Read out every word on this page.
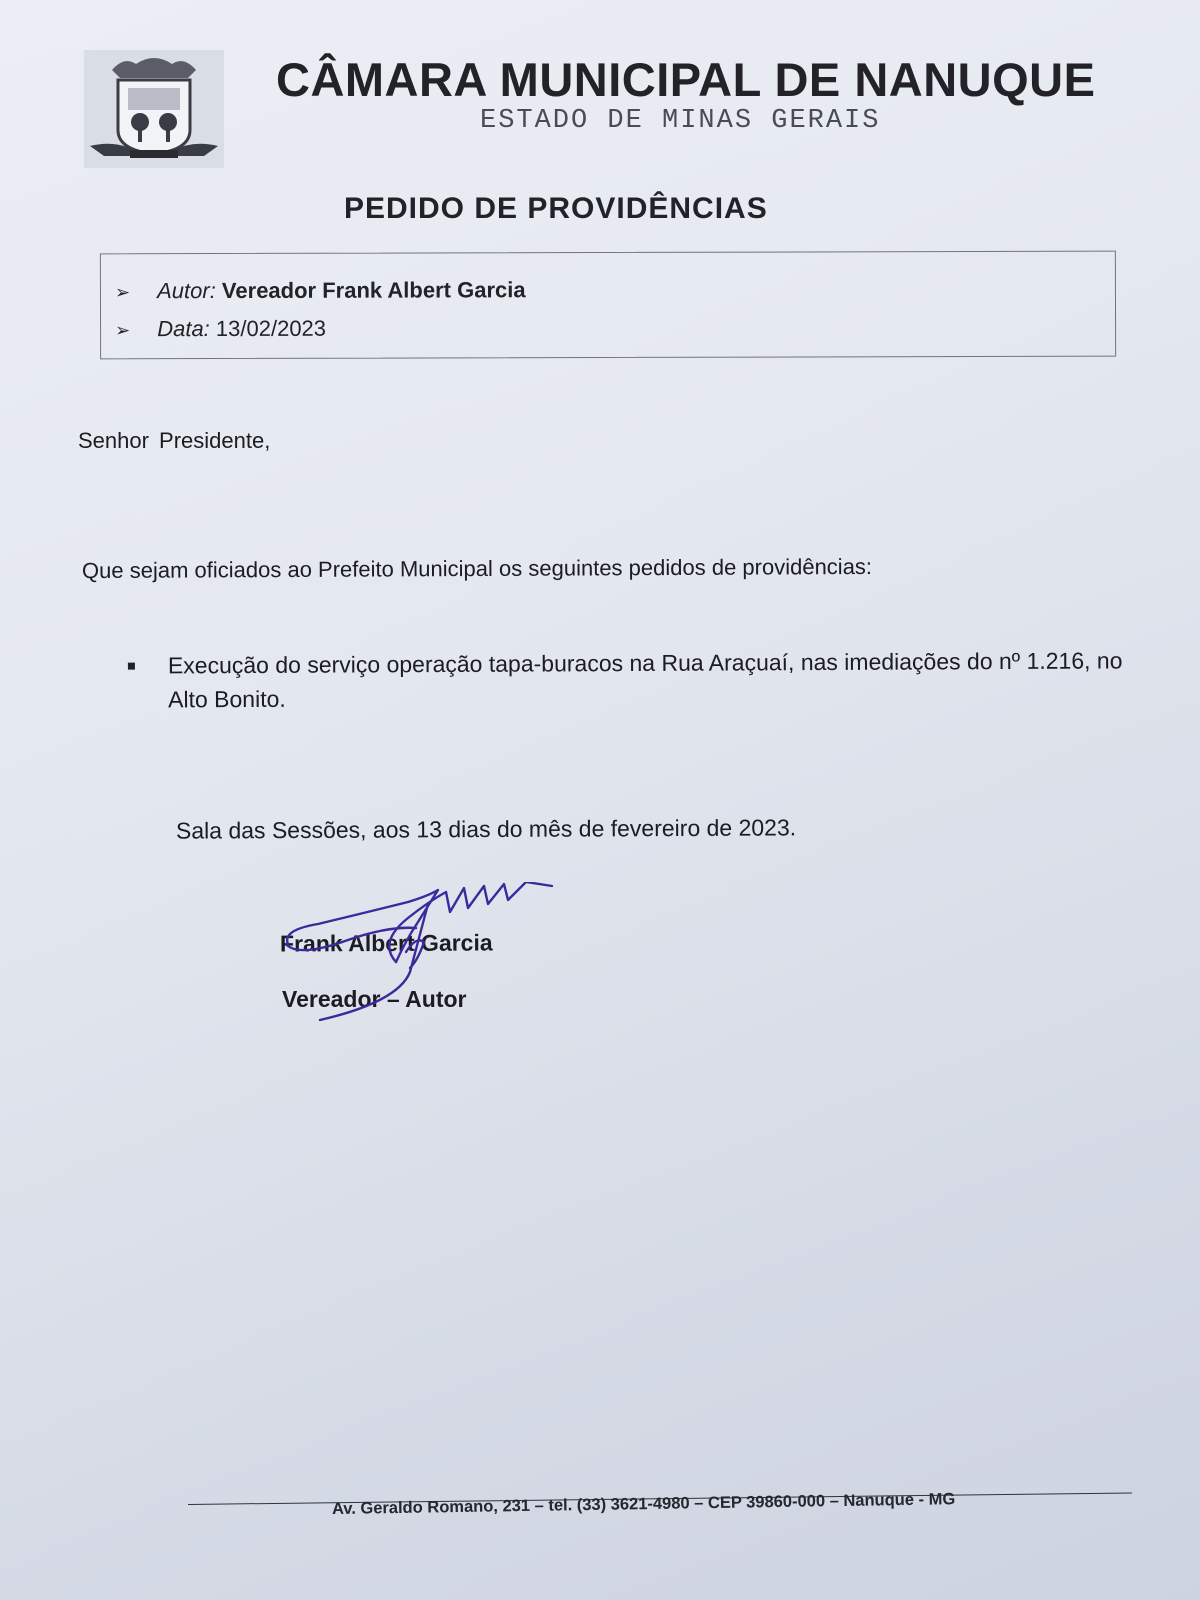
CÂMARA MUNICIPAL DE NANUQUE
ESTADO DE MINAS GERAIS
PEDIDO DE PROVIDÊNCIAS
➢ Autor: Vereador Frank Albert Garcia
➢ Data: 13/02/2023
Senhor Presidente,
Que sejam oficiados ao Prefeito Municipal os seguintes pedidos de providências:
Execução do serviço operação tapa-buracos na Rua Araçuaí, nas imediações do nº 1.216, no Alto Bonito.
Sala das Sessões, aos 13 dias do mês de fevereiro de 2023.
Frank Albert Garcia
Vereador – Autor
Av. Geraldo Romano, 231 – tel. (33) 3621-4980 – CEP 39860-000 – Nanuque - MG
